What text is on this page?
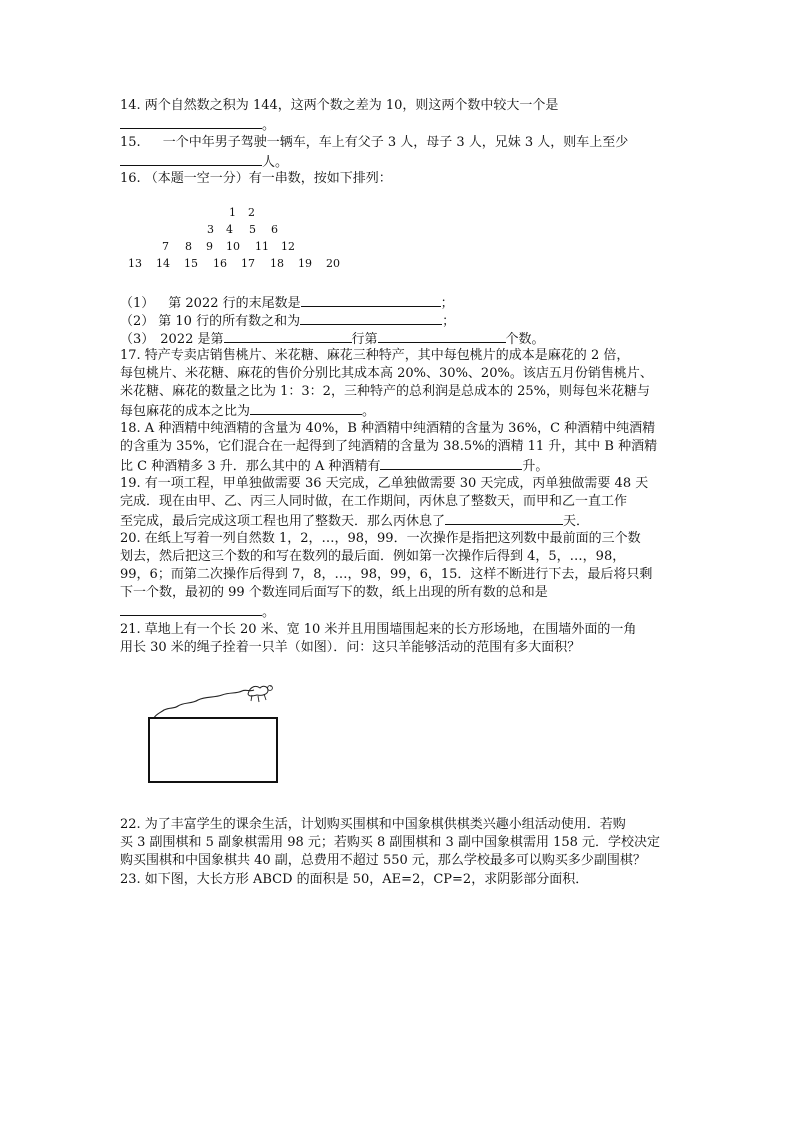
14. 两个自然数之积为 144，这两个数之差为 10，则这两个数中较大一个是
。
15. 一个中年男子驾驶一辆车，车上有父子 3 人，母子 3 人，兄妹 3 人，则车上至少
人。
16. （本题一空一分）有一串数，按如下排列：
1 2
3 4 5 6
7 8 9 10 11 12
13 14 15 16 17 18 19 20
（1） 第 2022 行的末尾数是	；
（2） 第 10 行的所有数之和为	；
（3） 2022 是第	行第	个数。
17. 特产专卖店销售桃片、米花糖、麻花三种特产，其中每包桃片的成本是麻花的 2 倍，
每包桃片、米花糖、麻花的售价分别比其成本高 20%、30%、20%。该店五月份销售桃片、
米花糖、麻花的数量之比为 1：3：2，三种特产的总利润是总成本的 25%，则每包米花糖与
每包麻花的成本之比为	。
18. A 种酒精中纯酒精的含量为 40%，B 种酒精中纯酒精的含量为 36%，C 种酒精中纯酒精
的含重为 35%，它们混合在一起得到了纯酒精的含量为 38.5%的酒精 11 升，其中 B 种酒精
比 C 种酒精多 3 升．那么其中的 A 种酒精有	升。
19. 有一项工程，甲单独做需要 36 天完成，乙单独做需要 30 天完成，丙单独做需要 48 天
完成．现在由甲、乙、丙三人同时做，在工作期间，丙休息了整数天，而甲和乙一直工作
至完成，最后完成这项工程也用了整数天．那么丙休息了	天．
20. 在纸上写着一列自然数 1，2，…，98，99．一次操作是指把这列数中最前面的三个数
划去，然后把这三个数的和写在数列的最后面．例如第一次操作后得到 4，5，…，98，
99，6；而第二次操作后得到 7，8，…，98，99，6，15．这样不断进行下去，最后将只剩
下一个数，最初的 99 个数连同后面写下的数，纸上出现的所有数的总和是
。
21. 草地上有一个长 20 米、宽 10 米并且用围墙围起来的长方形场地，在围墙外面的一角
用长 30 米的绳子拴着一只羊（如图）．问：这只羊能够活动的范围有多大面积？
22. 为了丰富学生的课余生活，计划购买围棋和中国象棋供棋类兴趣小组活动使用．若购
买 3 副围棋和 5 副象棋需用 98 元；若购买 8 副围棋和 3 副中国象棋需用 158 元．学校决定
购买围棋和中国象棋共 40 副，总费用不超过 550 元，那么学校最多可以购买多少副围棋？
23. 如下图，大长方形 ABCD 的面积是 50，AE=2，CP=2，求阴影部分面积．
